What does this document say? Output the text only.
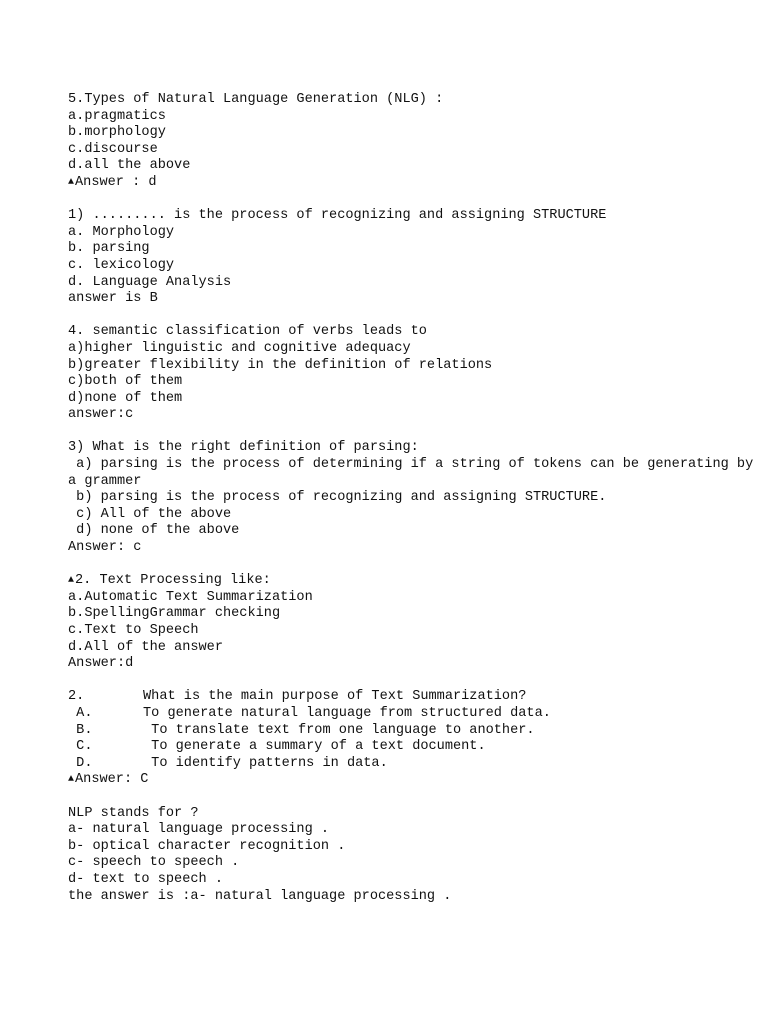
5.Types of Natural Language Generation (NLG) :
a.pragmatics
b.morphology
c.discourse
d.all the above
▲Answer : d
1) ......... is the process of recognizing and assigning STRUCTURE
a. Morphology
b. parsing
c. lexicology
d. Language Analysis
answer is B
4. semantic classification of verbs leads to
a)higher linguistic and cognitive adequacy
b)greater flexibility in the definition of relations
c)both of them
d)none of them
answer:c
3) What is the right definition of parsing:
a) parsing is the process of determining if a string of tokens can be generating by a grammer
b) parsing is the process of recognizing and assigning STRUCTURE.
c) All of the above
d) none of the above
Answer: c
▲2. Text Processing like:
a.Automatic Text Summarization
b.SpellingGrammar checking
c.Text to Speech
d.All of the answer
Answer:d
2.	What is the main purpose of Text Summarization?
A.	To generate natural language from structured data.
B.	To translate text from one language to another.
C.	To generate a summary of a text document.
D.	To identify patterns in data.
▲Answer: C
NLP stands for ?
a- natural language processing .
b- optical character recognition .
c- speech to speech .
d- text to speech .
the answer is :a- natural language processing .
